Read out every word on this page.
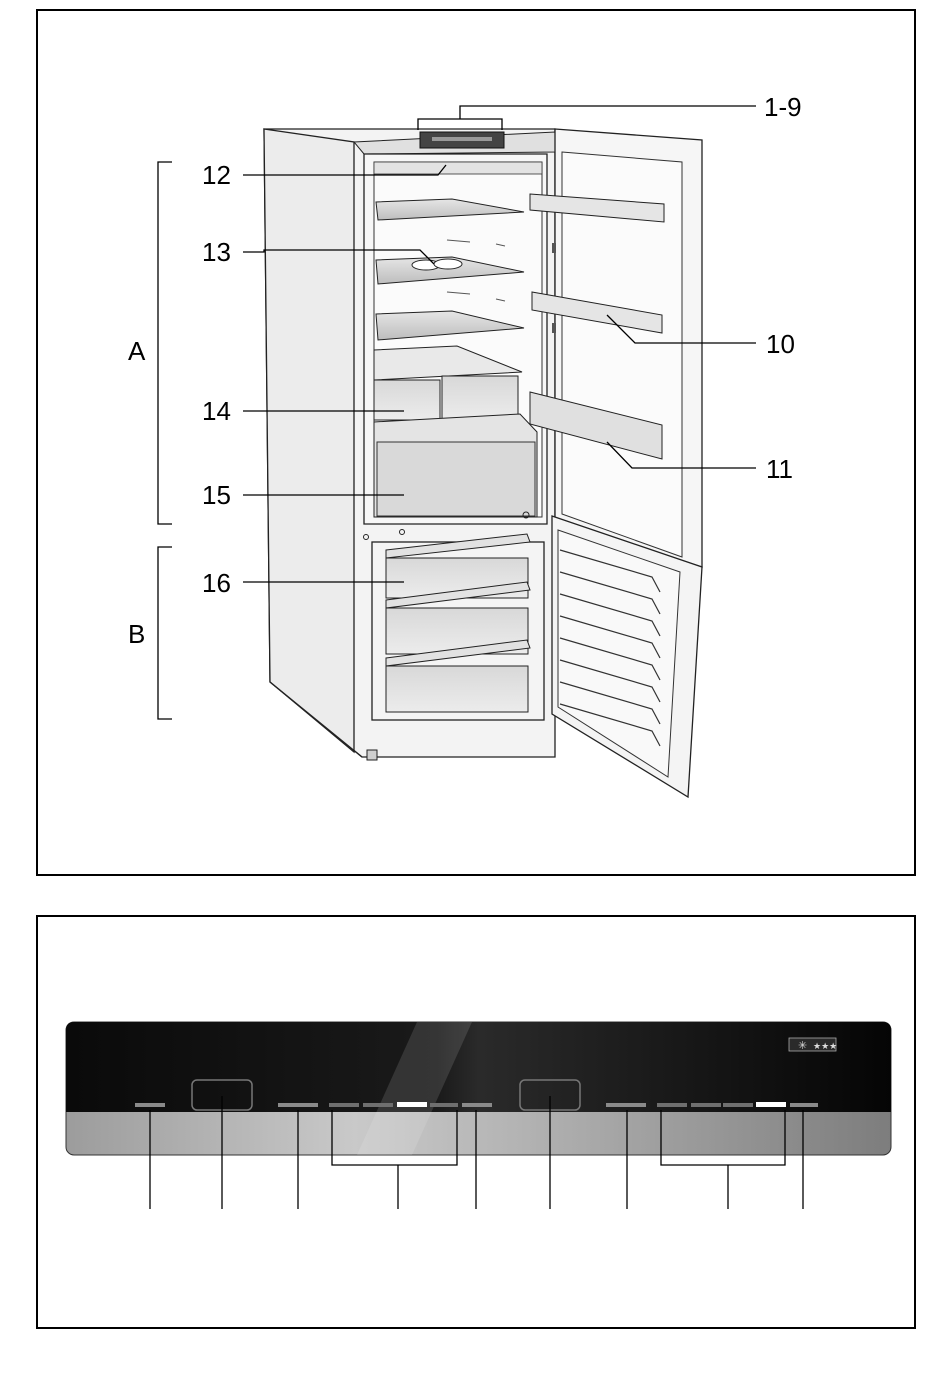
1-9
12
13
10
A
14
11
15
16
B
✳ ★★★
